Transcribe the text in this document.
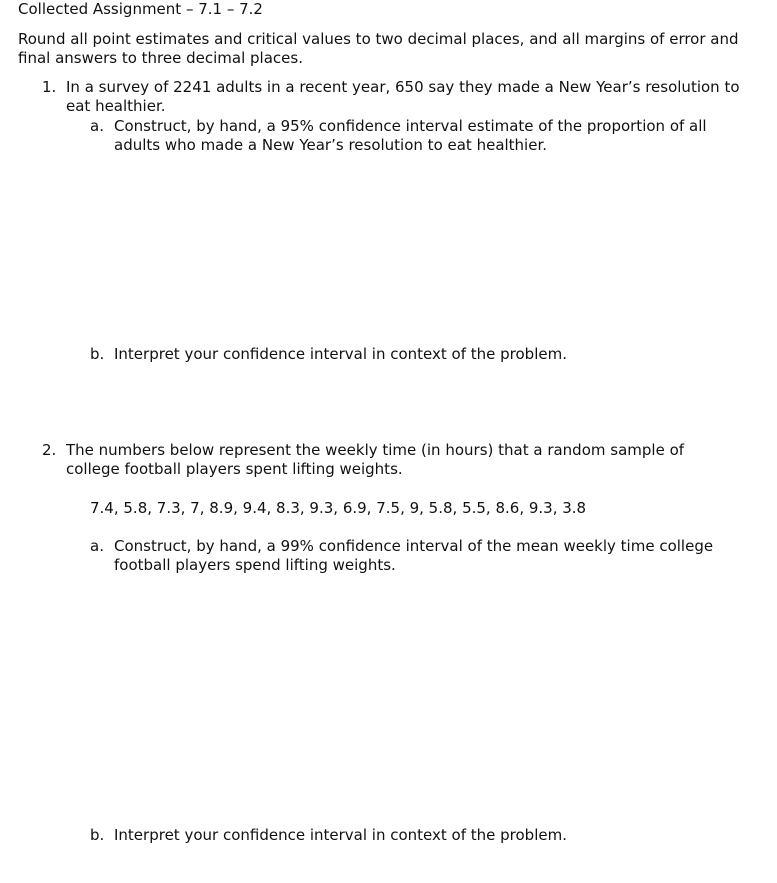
Collected Assignment – 7.1 – 7.2
Round all point estimates and critical values to two decimal places, and all margins of error and final answers to three decimal places.
1. In a survey of 2241 adults in a recent year, 650 say they made a New Year’s resolution to eat healthier.
a. Construct, by hand, a 95% confidence interval estimate of the proportion of all adults who made a New Year’s resolution to eat healthier.
b. Interpret your confidence interval in context of the problem.
2. The numbers below represent the weekly time (in hours) that a random sample of college football players spent lifting weights.
7.4, 5.8, 7.3, 7, 8.9, 9.4, 8.3, 9.3, 6.9, 7.5, 9, 5.8, 5.5, 8.6, 9.3, 3.8
a. Construct, by hand, a 99% confidence interval of the mean weekly time college football players spend lifting weights.
b. Interpret your confidence interval in context of the problem.
